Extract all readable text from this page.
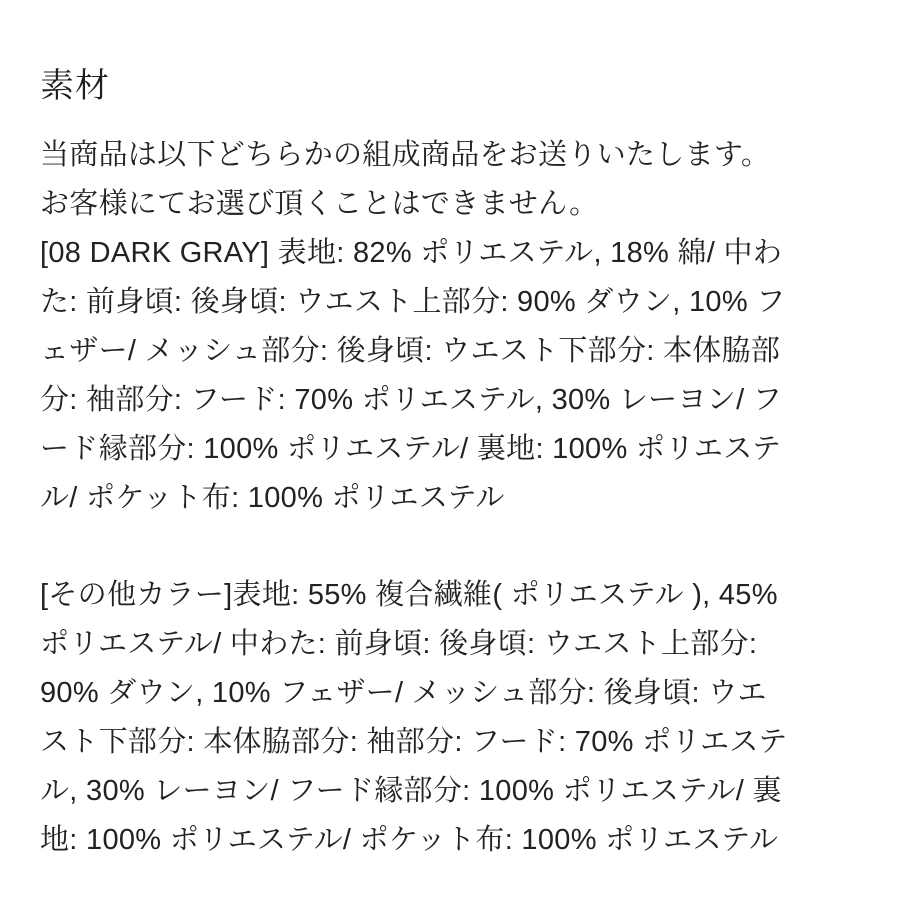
素材
当商品は以下どちらかの組成商品をお送りいたします。
お客様にてお選び頂くことはできません。
[08 DARK GRAY] 表地: 82% ポリエステル, 18% 綿/ 中わ
た: 前身頃: 後身頃: ウエスト上部分: 90% ダウン, 10% フ
ェザー/ メッシュ部分: 後身頃: ウエスト下部分: 本体脇部
分: 袖部分: フード: 70% ポリエステル, 30% レーヨン/ フ
ード縁部分: 100% ポリエステル/ 裏地: 100% ポリエステ
ル/ ポケット布: 100% ポリエステル
[その他カラー]表地: 55% 複合繊維( ポリエステル ), 45%
ポリエステル/ 中わた: 前身頃: 後身頃: ウエスト上部分:
90% ダウン, 10% フェザー/ メッシュ部分: 後身頃: ウエ
スト下部分: 本体脇部分: 袖部分: フード: 70% ポリエステ
ル, 30% レーヨン/ フード縁部分: 100% ポリエステル/ 裏
地: 100% ポリエステル/ ポケット布: 100% ポリエステル
